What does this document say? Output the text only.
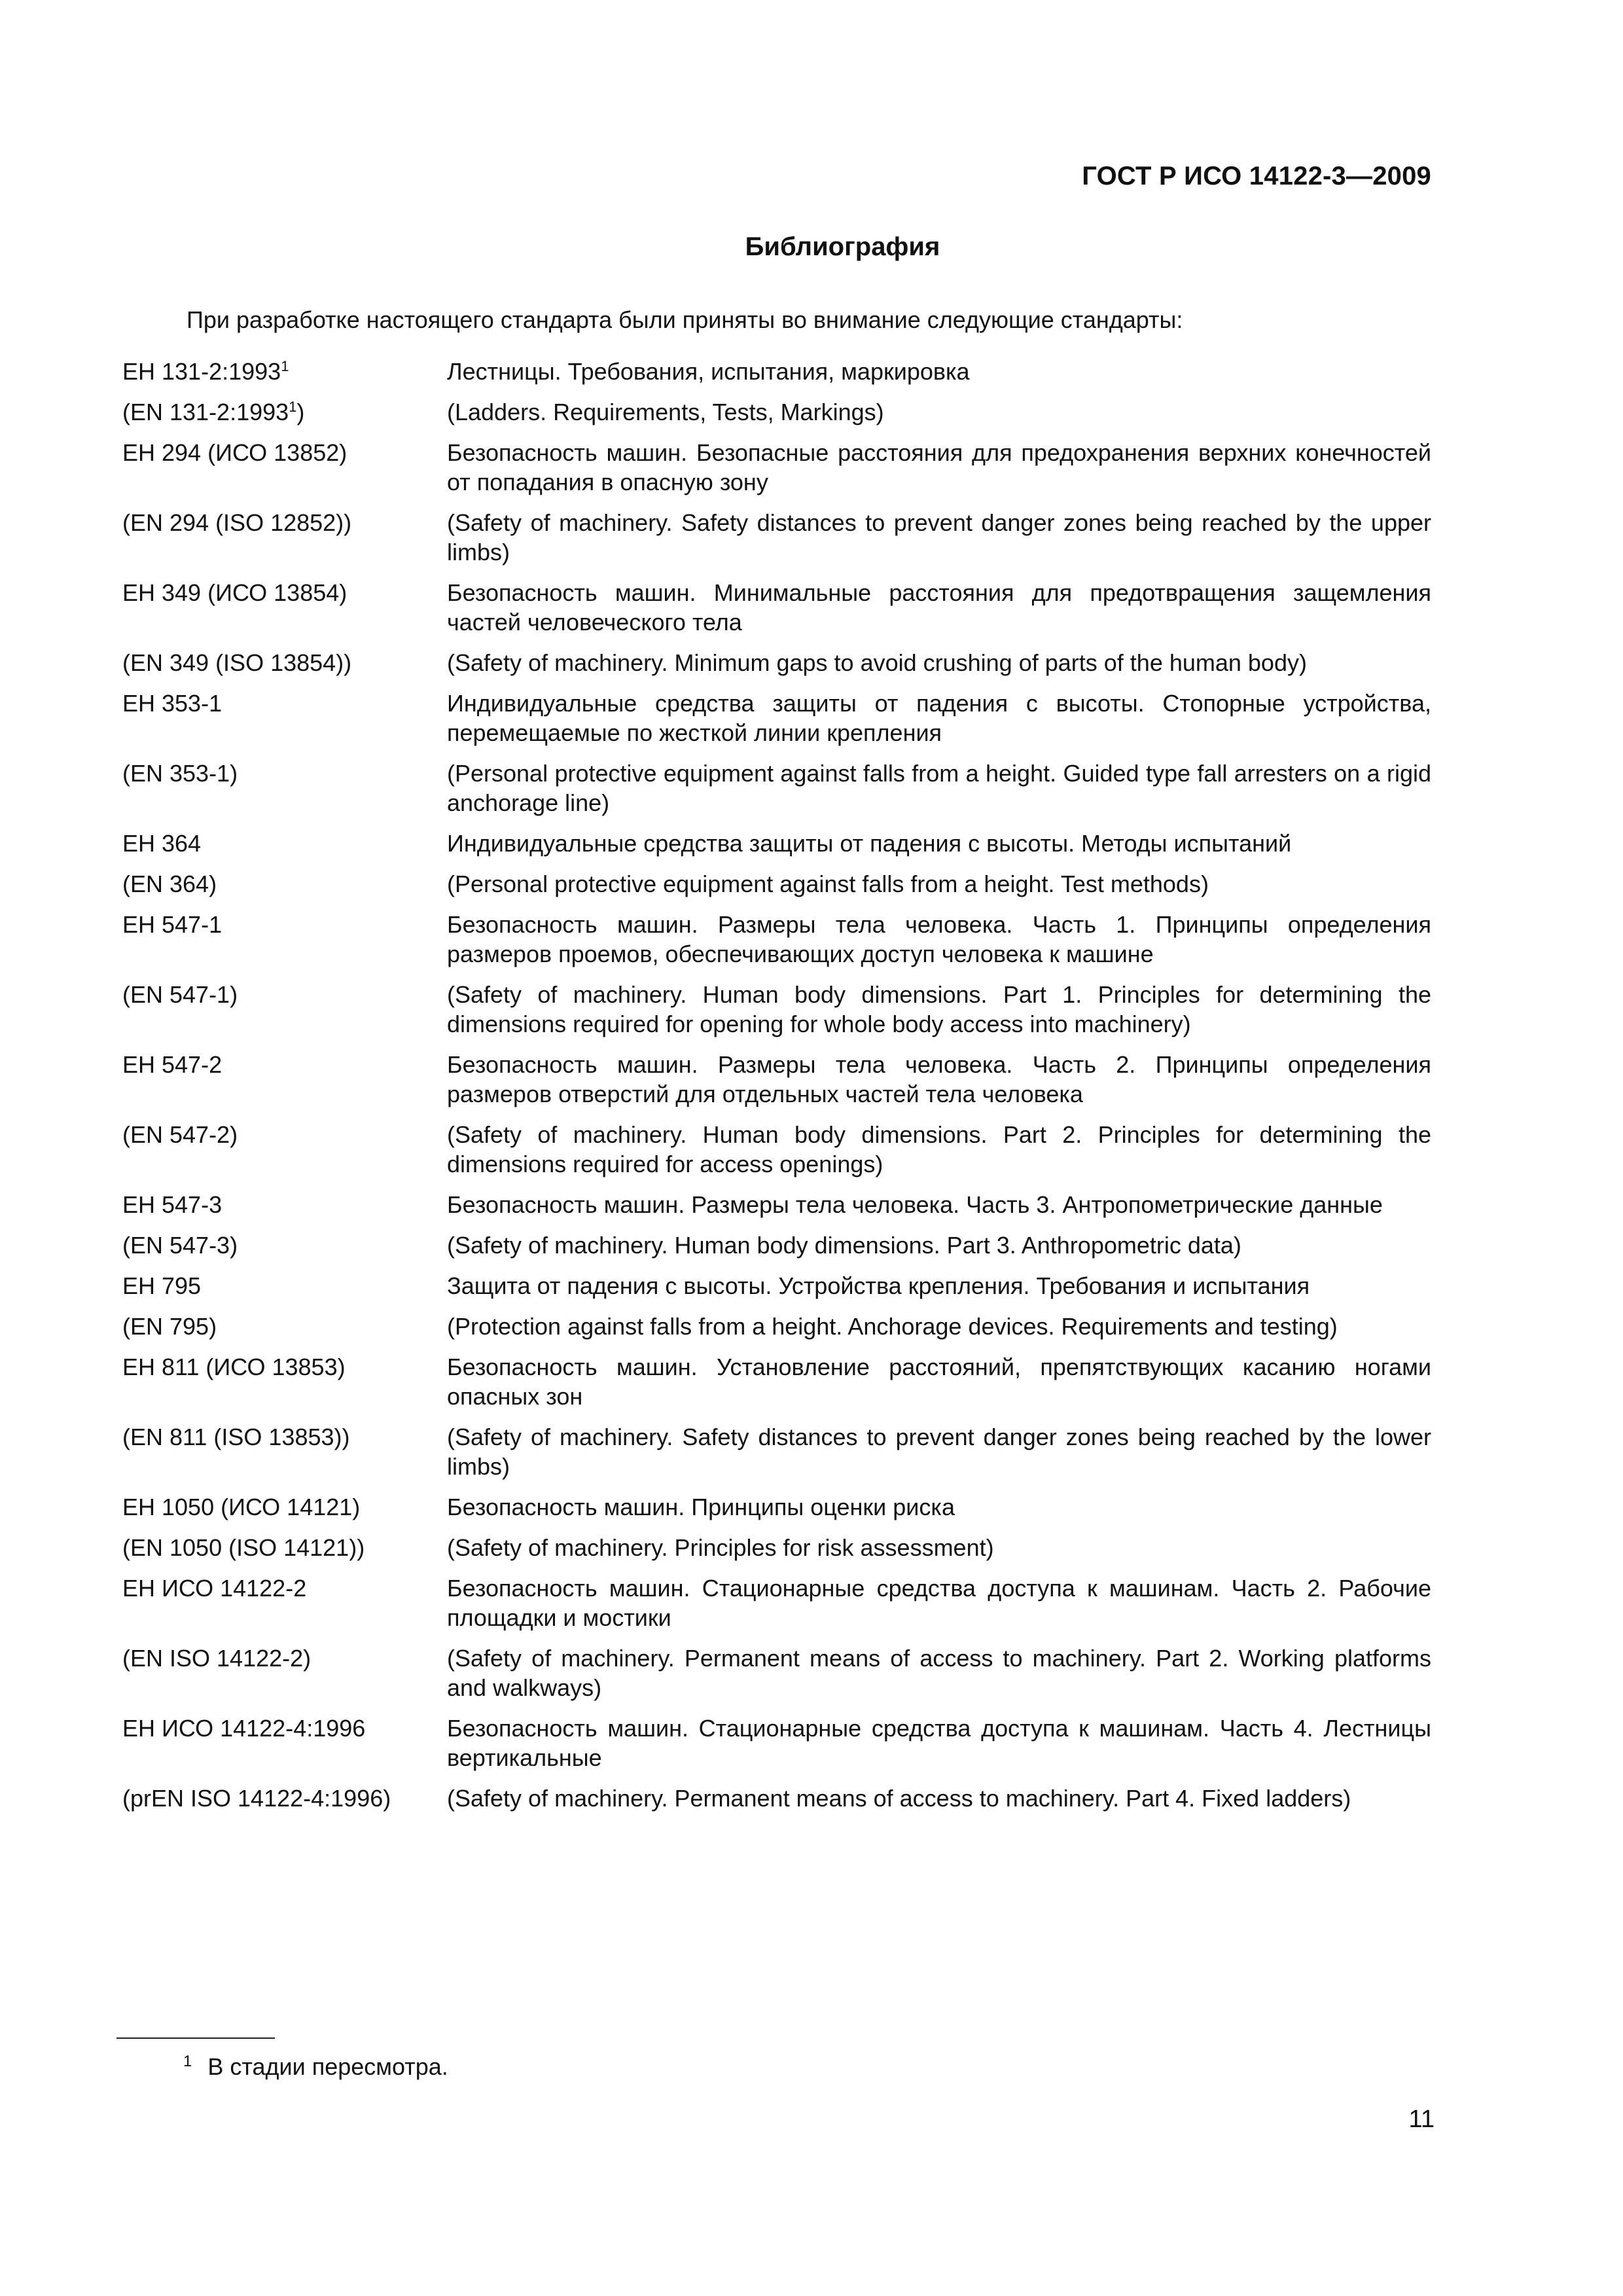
ГОСТ Р ИСО 14122-3—2009
Библиография
При разработке настоящего стандарта были приняты во внимание следующие стандарты:
ЕН 131-2:1993$^1$	Лестницы. Требования, испытания, маркировка
(EN 131-2:1993$^1$)	(Ladders. Requirements, Tests, Markings)
ЕН 294 (ИСО 13852)	Безопасность машин. Безопасные расстояния для предохранения верхних конечностей от попадания в опасную зону
(EN 294 (ISO 12852))	(Safety of machinery. Safety distances to prevent danger zones being reached by the upper limbs)
ЕН 349 (ИСО 13854)	Безопасность машин. Минимальные расстояния для предотвращения защемления частей человеческого тела
(EN 349 (ISO 13854))	(Safety of machinery. Minimum gaps to avoid crushing of parts of the human body)
ЕН 353-1	Индивидуальные средства защиты от падения с высоты. Стопорные устройства, перемещаемые по жесткой линии крепления
(EN 353-1)	(Personal protective equipment against falls from a height. Guided type fall arresters on a rigid anchorage line)
ЕН 364	Индивидуальные средства защиты от падения с высоты. Методы испытаний
(EN 364)	(Personal protective equipment against falls from a height. Test methods)
ЕН 547-1	Безопасность машин. Размеры тела человека. Часть 1. Принципы определения размеров проемов, обеспечивающих доступ человека к машине
(EN 547-1)	(Safety of machinery. Human body dimensions. Part 1. Principles for determining the dimensions required for opening for whole body access into machinery)
ЕН 547-2	Безопасность машин. Размеры тела человека. Часть 2. Принципы определения размеров отверстий для отдельных частей тела человека
(EN 547-2)	(Safety of machinery. Human body dimensions. Part 2. Principles for determining the dimensions required for access openings)
ЕН 547-3	Безопасность машин. Размеры тела человека. Часть 3. Антропометрические данные
(EN 547-3)	(Safety of machinery. Human body dimensions. Part 3. Anthropometric data)
ЕН 795	Защита от падения с высоты. Устройства крепления. Требования и испытания
(EN 795)	(Protection against falls from a height. Anchorage devices. Requirements and testing)
ЕН 811 (ИСО 13853)	Безопасность машин. Установление расстояний, препятствующих касанию ногами опасных зон
(EN 811 (ISO 13853))	(Safety of machinery. Safety distances to prevent danger zones being reached by the lower limbs)
ЕН 1050 (ИСО 14121)	Безопасность машин. Принципы оценки риска
(EN 1050 (ISO 14121))	(Safety of machinery. Principles for risk assessment)
ЕН ИСО 14122-2	Безопасность машин. Стационарные средства доступа к машинам. Часть 2. Рабочие площадки и мостики
(EN ISO 14122-2)	(Safety of machinery. Permanent means of access to machinery. Part 2. Working platforms and walkways)
ЕН ИСО 14122-4:1996	Безопасность машин. Стационарные средства доступа к машинам. Часть 4. Лестницы вертикальные
(prEN ISO 14122-4:1996)	(Safety of machinery. Permanent means of access to machinery. Part 4. Fixed ladders)
$^1$ В стадии пересмотра.
11
